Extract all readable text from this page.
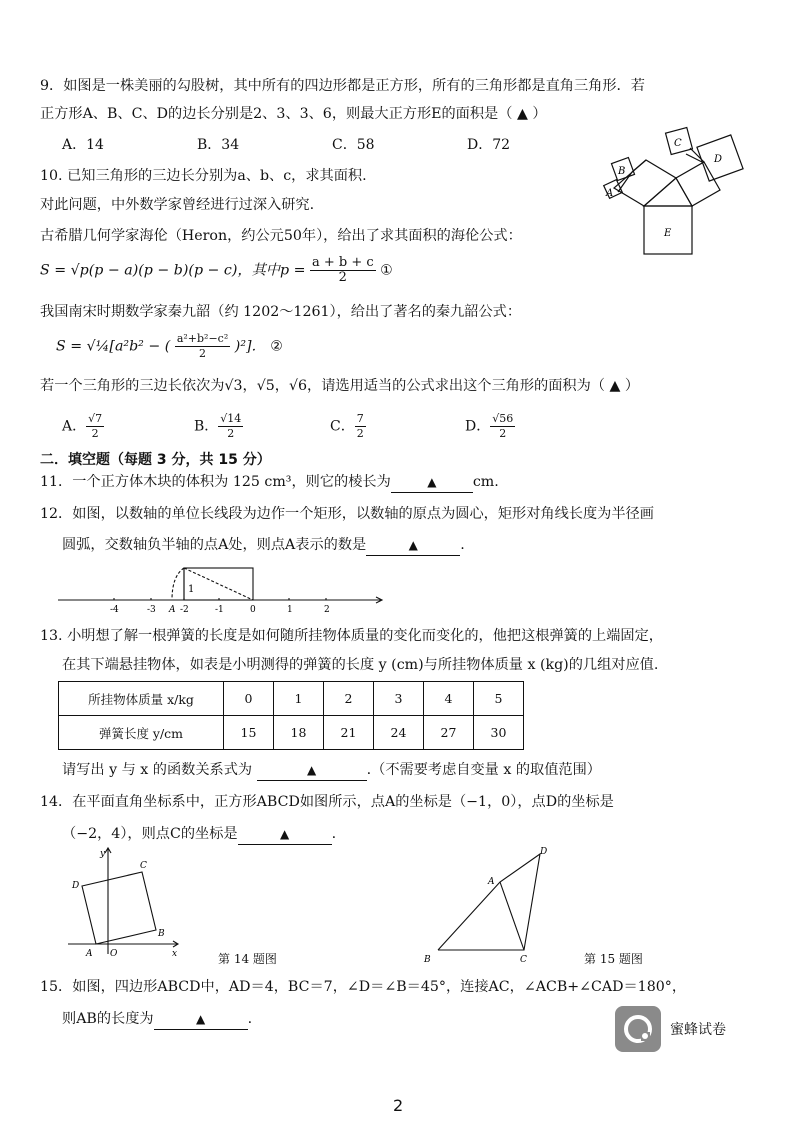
9．如图是一株美丽的勾股树，其中所有的四边形都是正方形，所有的三角形都是直角三角形．若
正方形A、B、C、D的边长分别是2、3、3、6，则最大正方形E的面积是（ ▲ ）
A．14	B．34	C．58	D．72
A
B
C
D
E
10. 已知三角形的三边长分别为a、b、c，求其面积.
对此问题，中外数学家曾经进行过深入研究.
古希腊几何学家海伦（Heron，约公元50年），给出了求其面积的海伦公式：
S = √p(p − a)(p − b)(p − c)，其中$p = \frac{a + b + c}{2}$ ①
我国南宋时期数学家秦九韶（约 1202～1261），给出了著名的秦九韶公式：
S = √¼[a²b² − ( $\frac{\text{a²+b²−c²}}{2} )^2$]． ②
若一个三角形的三边长依次为√3，√5，√6，请选用适当的公式求出这个三角形的面积为（ ▲ ）
A． $\frac{√7}{2}$	B． $\frac{√14}{2}$	C． $\frac{7}{2}$	D． $\frac{√56}{2}$
二．填空题（每题 3 分，共 15 分）
11．一个正方体木块的体积为 125 cm³，则它的棱长为	▲	cm.
12．如图，以数轴的单位长线段为边作一个矩形，以数轴的原点为圆心，矩形对角线长度为半径画
圆弧，交数轴负半轴的点A处，则点A表示的数是	▲	.
1
-4	-3 A -2	-1	0	1	2
13. 小明想了解一根弹簧的长度是如何随所挂物体质量的变化而变化的，他把这根弹簧的上端固定，
在其下端悬挂物体，如表是小明测得的弹簧的长度 y (cm)与所挂物体质量 x (kg)的几组对应值.
所挂物体质量 x/kg	0	1	2	3	4	5
弹簧长度 y/cm	15	18	21	24	27	30
请写出 y 与 x 的函数关系式为	▲	.（不需要考虑自变量 x 的取值范围）
14．在平面直角坐标系中，正方形ABCD如图所示，点A的坐标是（−1，0），点D的坐标是
（−2，4），则点C的坐标是	▲	.
y
x
O
A
B
C
D
第 14 题图
A
B	C
D
第 15 题图
15．如图，四边形ABCD中，AD＝4，BC＝7，∠D＝∠B＝45°，连接AC，∠ACB+∠CAD＝180°，
则AB的长度为	▲	.
蜜蜂试卷
2
